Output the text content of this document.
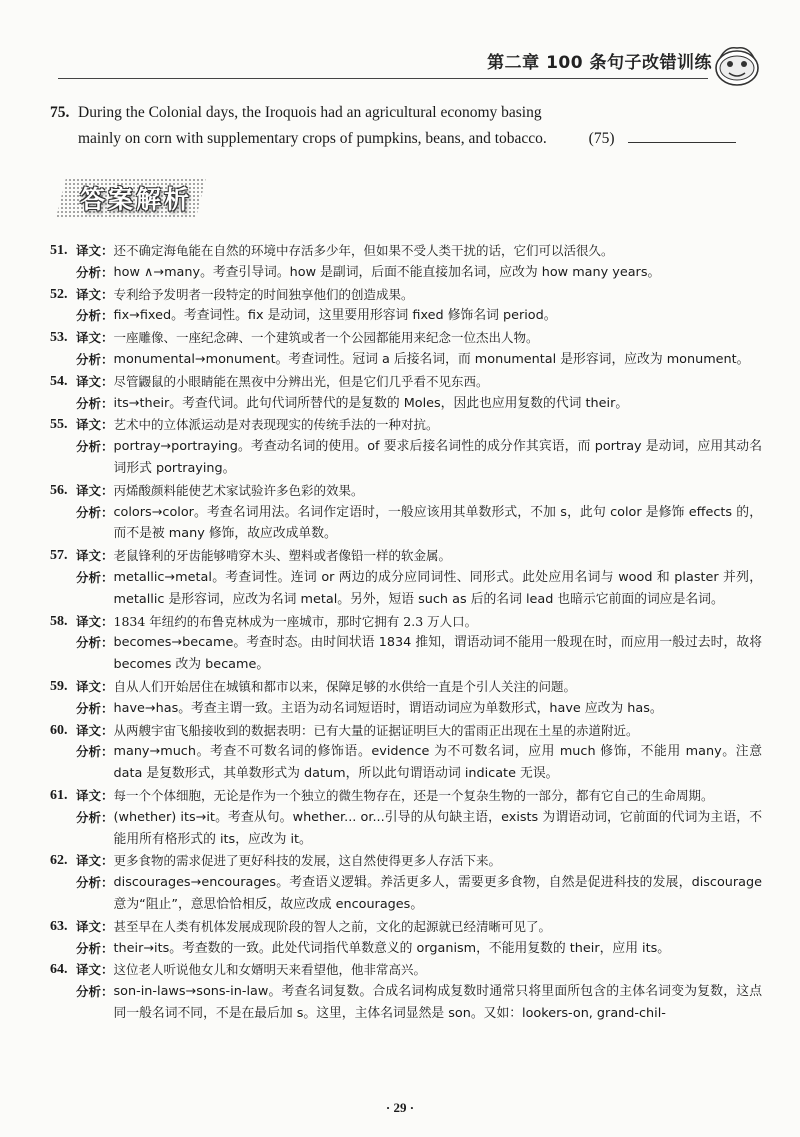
第二章 100 条句子改错训练
75. During the Colonial days, the Iroquois had an agricultural economy basing
mainly on corn with supplementary crops of pumpkins, beans, and tobacco.	(75)
答案解析
51. 译文： 还不确定海龟能在自然的环境中存活多少年，但如果不受人类干扰的话，它们可以活很久。
分析： how ∧→many。考查引导词。how 是副词，后面不能直接加名词，应改为 how many years。
52. 译文： 专利给予发明者一段特定的时间独享他们的创造成果。
分析： fix→fixed。考查词性。fix 是动词，这里要用形容词 fixed 修饰名词 period。
53. 译文： 一座雕像、一座纪念碑、一个建筑或者一个公园都能用来纪念一位杰出人物。
分析： monumental→monument。考查词性。冠词 a 后接名词，而 monumental 是形容词，应改为 monument。
54. 译文： 尽管鼹鼠的小眼睛能在黑夜中分辨出光，但是它们几乎看不见东西。
分析： its→their。考查代词。此句代词所替代的是复数的 Moles，因此也应用复数的代词 their。
55. 译文： 艺术中的立体派运动是对表现现实的传统手法的一种对抗。
分析： portray→portraying。考查动名词的使用。of 要求后接名词性的成分作其宾语，而 portray 是动词，应用其动名词形式 portraying。
56. 译文： 丙烯酸颜料能使艺术家试验许多色彩的效果。
分析： colors→color。考查名词用法。名词作定语时，一般应该用其单数形式，不加 s，此句 color 是修饰 effects 的，而不是被 many 修饰，故应改成单数。
57. 译文： 老鼠锋利的牙齿能够啃穿木头、塑料或者像铅一样的软金属。
分析： metallic→metal。考查词性。连词 or 两边的成分应同词性、同形式。此处应用名词与 wood 和 plaster 并列，metallic 是形容词，应改为名词 metal。另外，短语 such as 后的名词 lead 也暗示它前面的词应是名词。
58. 译文： 1834 年纽约的布鲁克林成为一座城市，那时它拥有 2.3 万人口。
分析： becomes→became。考查时态。由时间状语 1834 推知，谓语动词不能用一般现在时，而应用一般过去时，故将 becomes 改为 became。
59. 译文： 自从人们开始居住在城镇和都市以来，保障足够的水供给一直是个引人关注的问题。
分析： have→has。考查主谓一致。主语为动名词短语时，谓语动词应为单数形式，have 应改为 has。
60. 译文： 从两艘宇宙飞船接收到的数据表明：已有大量的证据证明巨大的雷雨正出现在土星的赤道附近。
分析： many→much。考查不可数名词的修饰语。evidence 为不可数名词，应用 much 修饰，不能用 many。注意 data 是复数形式，其单数形式为 datum，所以此句谓语动词 indicate 无误。
61. 译文： 每一个个体细胞，无论是作为一个独立的微生物存在，还是一个复杂生物的一部分，都有它自己的生命周期。
分析： (whether) its→it。考查从句。whether... or...引导的从句缺主语，exists 为谓语动词，它前面的代词为主语，不能用所有格形式的 its，应改为 it。
62. 译文： 更多食物的需求促进了更好科技的发展，这自然使得更多人存活下来。
分析： discourages→encourages。考查语义逻辑。养活更多人，需要更多食物，自然是促进科技的发展，discourage 意为“阻止”，意思恰恰相反，故应改成 encourages。
63. 译文： 甚至早在人类有机体发展成现阶段的智人之前，文化的起源就已经清晰可见了。
分析： their→its。考查数的一致。此处代词指代单数意义的 organism，不能用复数的 their，应用 its。
64. 译文： 这位老人听说他女儿和女婿明天来看望他，他非常高兴。
分析： son-in-laws→sons-in-law。考查名词复数。合成名词构成复数时通常只将里面所包含的主体名词变为复数，这点同一般名词不同，不是在最后加 s。这里，主体名词显然是 son。又如：lookers-on, grand-chil-
· 29 ·
